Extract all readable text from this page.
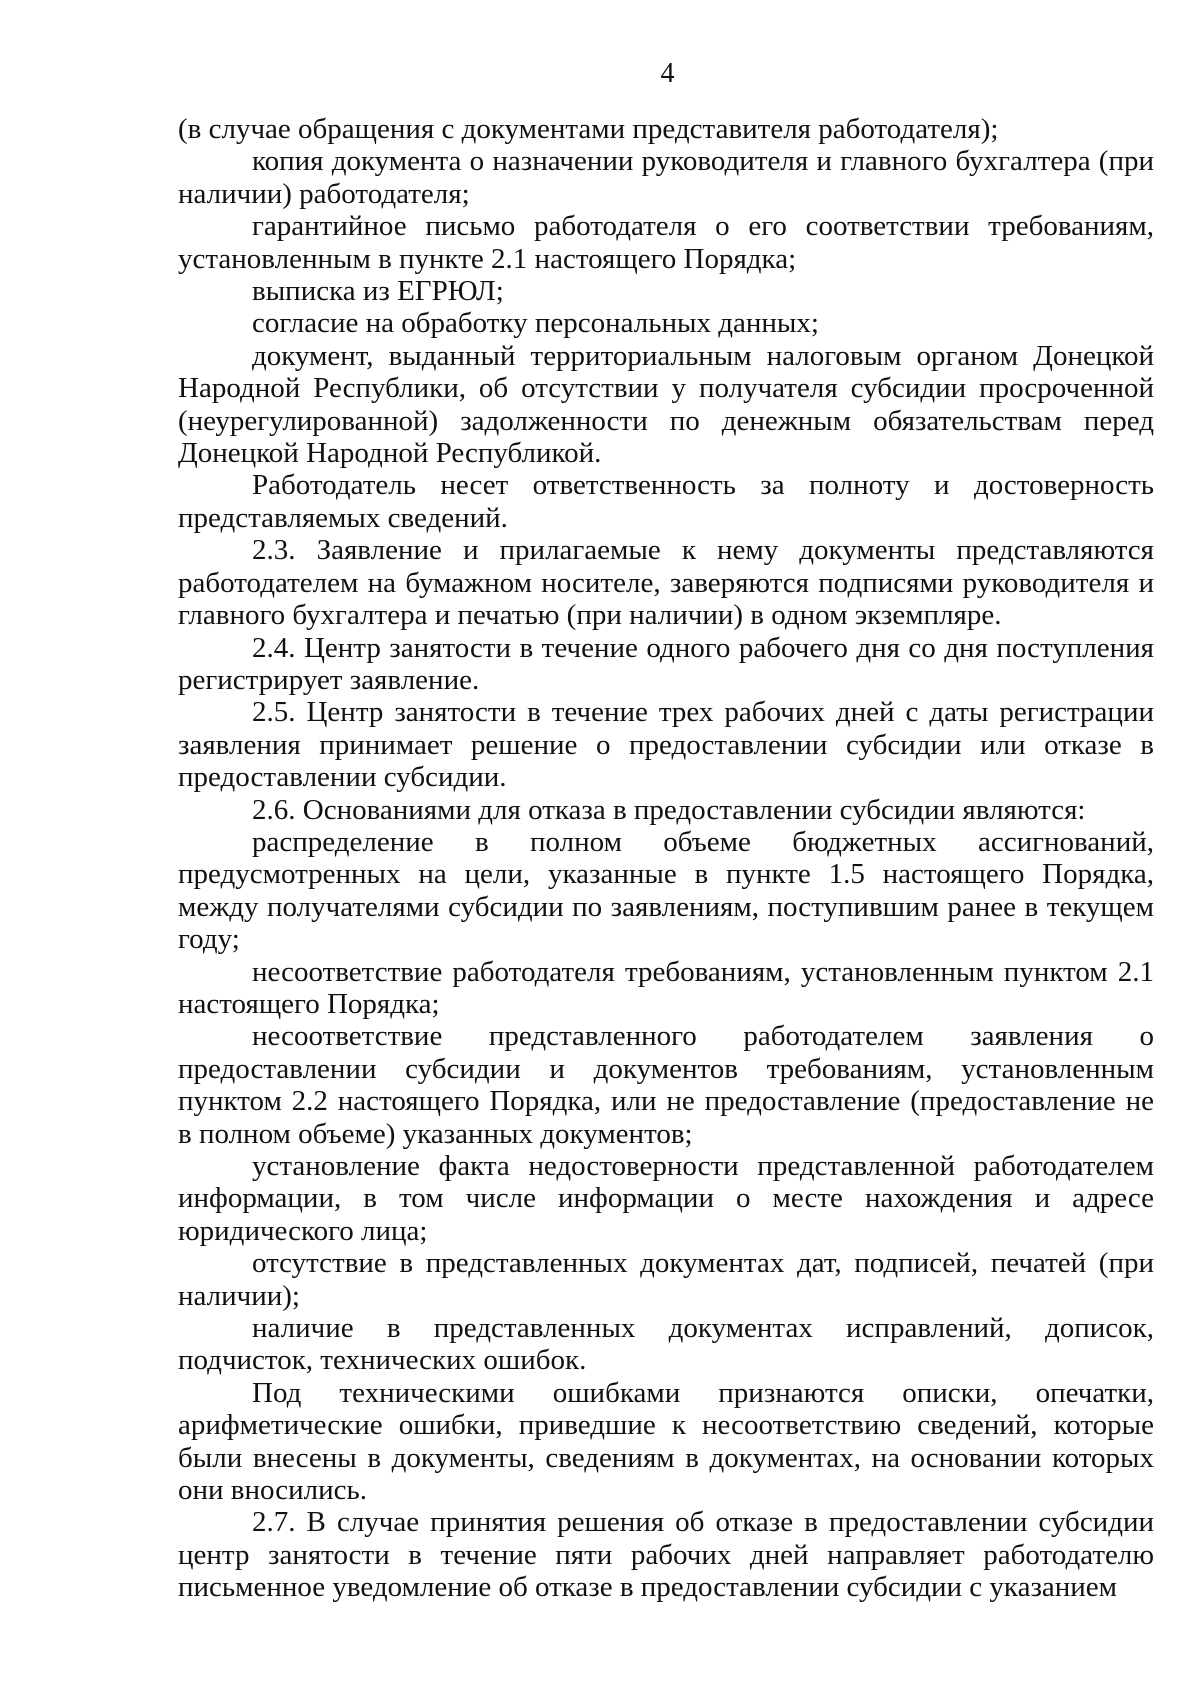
4

(в случае обращения с документами представителя работодателя);

копия документа о назначении руководителя и главного бухгалтера (при наличии) работодателя;

гарантийное письмо работодателя о его соответствии требованиям, установленным в пункте 2.1 настоящего Порядка;

выписка из ЕГРЮЛ;

согласие на обработку персональных данных;

документ, выданный территориальным налоговым органом Донецкой Народной Республики, об отсутствии у получателя субсидии просроченной (неурегулированной) задолженности по денежным обязательствам перед Донецкой Народной Республикой.

Работодатель несет ответственность за полноту и достоверность представляемых сведений.

2.3. Заявление и прилагаемые к нему документы представляются работодателем на бумажном носителе, заверяются подписями руководителя и главного бухгалтера и печатью (при наличии) в одном экземпляре.

2.4. Центр занятости в течение одного рабочего дня со дня поступления регистрирует заявление.

2.5. Центр занятости в течение трех рабочих дней с даты регистрации заявления принимает решение о предоставлении субсидии или отказе в предоставлении субсидии.

2.6. Основаниями для отказа в предоставлении субсидии являются:

распределение в полном объеме бюджетных ассигнований, предусмотренных на цели, указанные в пункте 1.5 настоящего Порядка, между получателями субсидии по заявлениям, поступившим ранее в текущем году;

несоответствие работодателя требованиям, установленным пунктом 2.1 настоящего Порядка;

несоответствие представленного работодателем заявления о предоставлении субсидии и документов требованиям, установленным пунктом 2.2 настоящего Порядка, или не предоставление (предоставление не в полном объеме) указанных документов;

установление факта недостоверности представленной работодателем информации, в том числе информации о месте нахождения и адресе юридического лица;

отсутствие в представленных документах дат, подписей, печатей (при наличии);

наличие в представленных документах исправлений, дописок, подчисток, технических ошибок.

Под техническими ошибками признаются описки, опечатки, арифметические ошибки, приведшие к несоответствию сведений, которые были внесены в документы, сведениям в документах, на основании которых они вносились.

2.7. В случае принятия решения об отказе в предоставлении субсидии центр занятости в течение пяти рабочих дней направляет работодателю письменное уведомление об отказе в предоставлении субсидии с указанием
